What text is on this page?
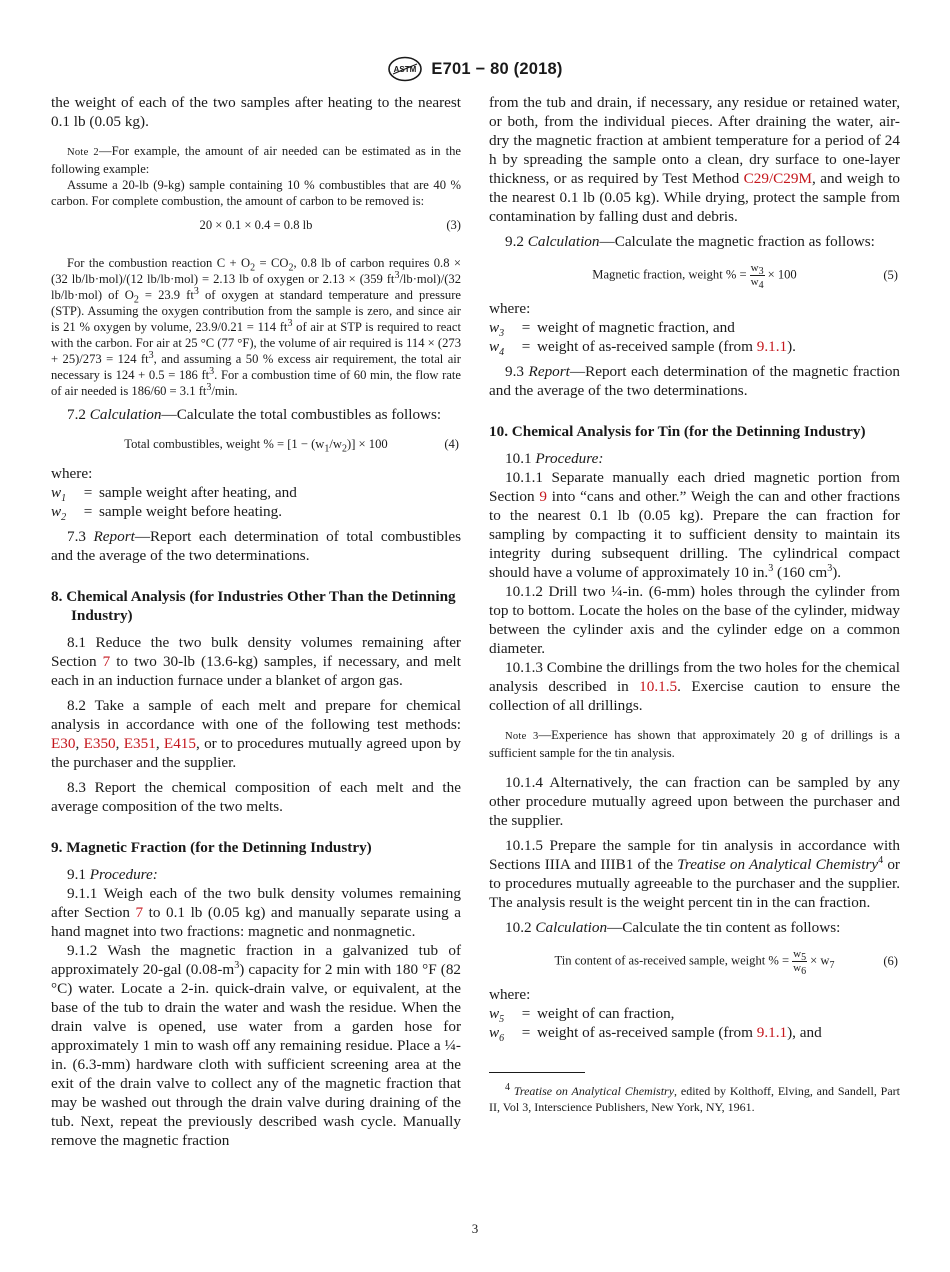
ASTM E701 − 80 (2018)

the weight of each of the two samples after heating to the nearest 0.1 lb (0.05 kg).

Note 2—For example, the amount of air needed can be estimated as in the following example:

Assume a 20-lb (9-kg) sample containing 10 % combustibles that are 40 % carbon. For complete combustion, the amount of carbon to be removed is:

20 × 0.1 × 0.4 = 0.8 lb	(3)

For the combustion reaction $C + O_2 = CO_2$, 0.8 lb of carbon requires 0.8 × (32 lb/lb·mol)/(12 lb/lb·mol) = 2.13 lb of oxygen or 2.13 × (359 $ft^3/lb\cdot mol)/(32$ lb/lb·mol) of $O_2 = 23.9$ $ft^3$ of oxygen at standard temperature and pressure (STP). Assuming the oxygen contribution from the sample is zero, and since air is 21 % oxygen by volume, 23.9/0.21 = 114 $ft^3$ of air at STP is required to react with the carbon. For air at 25 °C (77 °F), the volume of air required is 114 × (273 + 25)/273 = 124 $ft^3$, and assuming a 50 % excess air requirement, the total air necessary is 124 + 0.5 = 186 $ft^3$. For a combustion time of 60 min, the flow rate of air needed is 186/60 = 3.1 $ft^3/\min$.

7.2 Calculation—Calculate the total combustibles as follows:

Total combustibles, weight % = $[1 - (w_1/w_2)] \times 100$	(4)

where:

$w_1$	= sample weight after heating, and
$w_2$	= sample weight before heating.

7.3 Report—Report each determination of total combustibles and the average of the two determinations.

8. Chemical Analysis (for Industries Other Than the Detinning Industry)

8.1 Reduce the two bulk density volumes remaining after Section 7 to two 30-lb (13.6-kg) samples, if necessary, and melt each in an induction furnace under a blanket of argon gas.

8.2 Take a sample of each melt and prepare for chemical analysis in accordance with one of the following test methods: E30, E350, E351, E415, or to procedures mutually agreed upon by the purchaser and the supplier.

8.3 Report the chemical composition of each melt and the average composition of the two melts.

9. Magnetic Fraction (for the Detinning Industry)

9.1 Procedure:

9.1.1 Weigh each of the two bulk density volumes remaining after Section 7 to 0.1 lb (0.05 kg) and manually separate using a hand magnet into two fractions: magnetic and nonmagnetic.

9.1.2 Wash the magnetic fraction in a galvanized tub of approximately 20-gal $(0.08-m^3)$ capacity for 2 min with 180 °F (82 °C) water. Locate a 2-in. quick-drain valve, or equivalent, at the base of the tub to drain the water and wash the residue. When the drain valve is opened, use water from a garden hose for approximately 1 min to wash off any remaining residue. Place a ¼-in. (6.3-mm) hardware cloth with sufficient screening area at the exit of the drain valve to collect any of the magnetic fraction that may be washed out through the drain valve during draining of the tub. Next, repeat the previously described wash cycle. Manually remove the magnetic fraction

from the tub and drain, if necessary, any residue or retained water, or both, from the individual pieces. After draining the water, air-dry the magnetic fraction at ambient temperature for a period of 24 h by spreading the sample onto a clean, dry surface to one-layer thickness, or as required by Test Method C29/C29M, and weigh to the nearest 0.1 lb (0.05 kg). While drying, protect the sample from contamination by falling dust and debris.

9.2 Calculation—Calculate the magnetic fraction as follows:

Magnetic fraction, weight % = $\frac{w_3}{w_4} \times 100$	(5)

where:

$w_3$	= weight of magnetic fraction, and
$w_4$	= weight of as-received sample (from 9.1.1).

9.3 Report—Report each determination of the magnetic fraction and the average of the two determinations.

10. Chemical Analysis for Tin (for the Detinning Industry)

10.1 Procedure:

10.1.1 Separate manually each dried magnetic portion from Section 9 into “cans and other.” Weigh the can and other fractions to the nearest 0.1 lb (0.05 kg). Prepare the can fraction for sampling by compacting it to sufficient density to maintain its integrity during subsequent drilling. The cylindrical compact should have a volume of approximately 10 in.$^3$ (160 $cm^3$).

10.1.2 Drill two ¼-in. (6-mm) holes through the cylinder from top to bottom. Locate the holes on the base of the cylinder, midway between the cylinder axis and the cylinder edge on a common diameter.

10.1.3 Combine the drillings from the two holes for the chemical analysis described in 10.1.5. Exercise caution to ensure the collection of all drillings.

Note 3—Experience has shown that approximately 20 g of drillings is a sufficient sample for the tin analysis.

10.1.4 Alternatively, the can fraction can be sampled by any other procedure mutually agreed upon between the purchaser and the supplier.

10.1.5 Prepare the sample for tin analysis in accordance with Sections IIIA and IIIB1 of the Treatise on Analytical Chemistry$^4$ or to procedures mutually agreeable to the purchaser and the supplier. The analysis result is the weight percent tin in the can fraction.

10.2 Calculation—Calculate the tin content as follows:

Tin content of as-received sample, weight % = $\frac{w_5}{w_6} \times w_7$	(6)

where:

$w_5$	= weight of can fraction,
$w_6$	= weight of as-received sample (from 9.1.1), and

$^4$ Treatise on Analytical Chemistry, edited by Kolthoff, Elving, and Sandell, Part II, Vol 3, Interscience Publishers, New York, NY, 1961.

3
